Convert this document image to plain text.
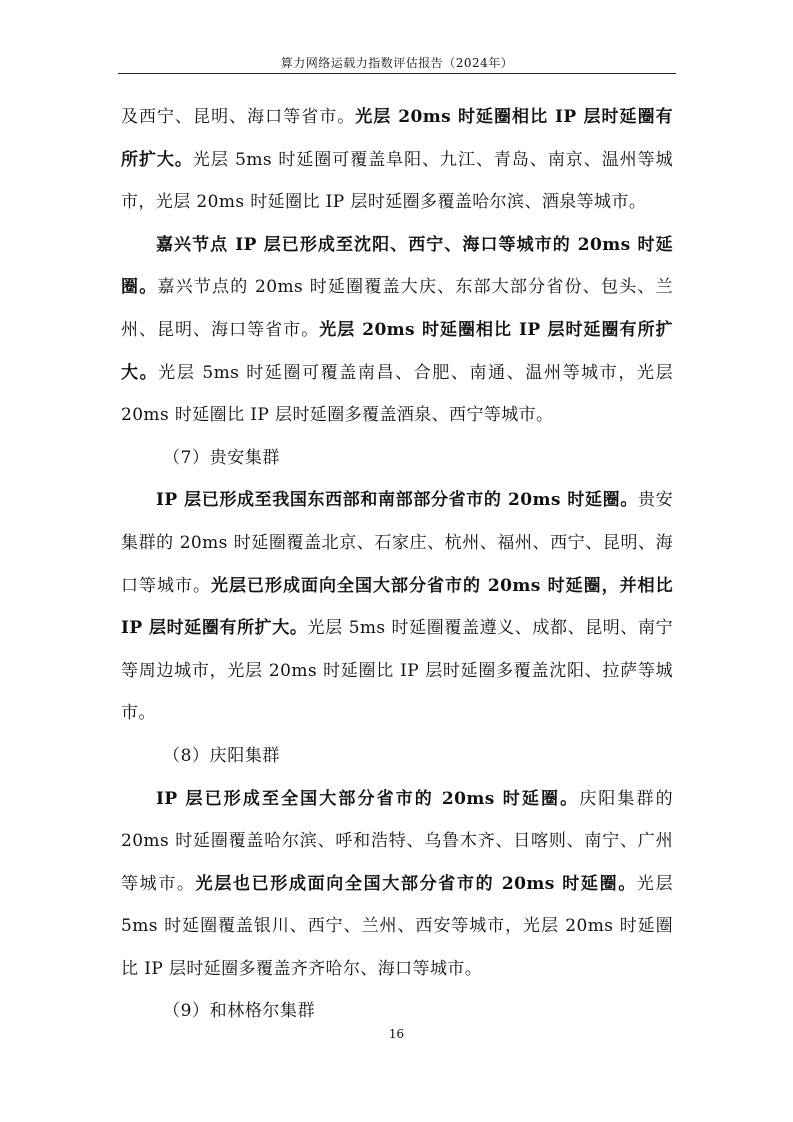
算力网络运载力指数评估报告（2024年）

及西宁、昆明、海口等省市。光层 20ms 时延圈相比 IP 层时延圈有所扩大。光层 5ms 时延圈可覆盖阜阳、九江、青岛、南京、温州等城市，光层 20ms 时延圈比 IP 层时延圈多覆盖哈尔滨、酒泉等城市。

嘉兴节点 IP 层已形成至沈阳、西宁、海口等城市的 20ms 时延圈。嘉兴节点的 20ms 时延圈覆盖大庆、东部大部分省份、包头、兰州、昆明、海口等省市。光层 20ms 时延圈相比 IP 层时延圈有所扩大。光层 5ms 时延圈可覆盖南昌、合肥、南通、温州等城市，光层 20ms 时延圈比 IP 层时延圈多覆盖酒泉、西宁等城市。

（7）贵安集群

IP 层已形成至我国东西部和南部部分省市的 20ms 时延圈。贵安集群的 20ms 时延圈覆盖北京、石家庄、杭州、福州、西宁、昆明、海口等城市。光层已形成面向全国大部分省市的 20ms 时延圈，并相比 IP 层时延圈有所扩大。光层 5ms 时延圈覆盖遵义、成都、昆明、南宁等周边城市，光层 20ms 时延圈比 IP 层时延圈多覆盖沈阳、拉萨等城市。

（8）庆阳集群

IP 层已形成至全国大部分省市的 20ms 时延圈。庆阳集群的 20ms 时延圈覆盖哈尔滨、呼和浩特、乌鲁木齐、日喀则、南宁、广州等城市。光层也已形成面向全国大部分省市的 20ms 时延圈。光层 5ms 时延圈覆盖银川、西宁、兰州、西安等城市，光层 20ms 时延圈比 IP 层时延圈多覆盖齐齐哈尔、海口等城市。

（9）和林格尔集群

16
